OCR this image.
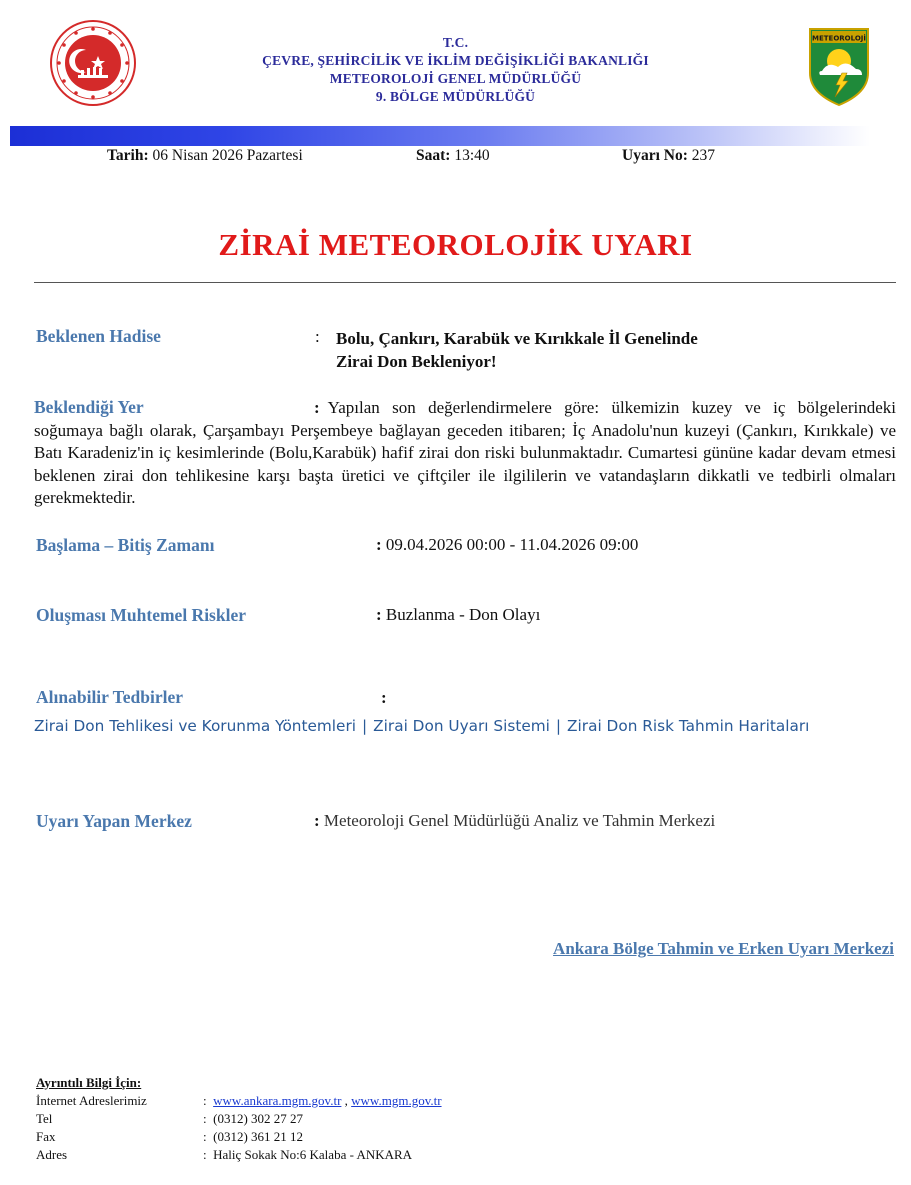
T.C.
ÇEVRE, ŞEHİRCİLİK VE İKLİM DEĞİŞİKLİĞİ BAKANLIĞI
METEOROLOJİ GENEL MÜDÜRLÜĞÜ
9. BÖLGE MÜDÜRLÜĞÜ
METEOROLOJİ
Tarih: 06 Nisan 2026 Pazartesi	Saat: 13:40	Uyarı No: 237
ZİRAİ METEOROLOJİK UYARI
Beklenen Hadise	: Bolu, Çankırı, Karabük ve Kırıkkale İl Genelinde
Zirai Don Bekleniyor!
Beklendiği Yer	: Yapılan son değerlendirmelere göre: ülkemizin kuzey ve iç bölgelerindeki soğumaya bağlı olarak, Çarşambayı Perşembeye bağlayan geceden itibaren; İç Anadolu'nun kuzeyi (Çankırı, Kırıkkale) ve Batı Karadeniz'in iç kesimlerinde (Bolu,Karabük) hafif zirai don riski bulunmaktadır. Cumartesi gününe kadar devam etmesi beklenen zirai don tehlikesine karşı başta üretici ve çiftçiler ile ilgililerin ve vatandaşların dikkatli ve tedbirli olmaları gerekmektedir.
Başlama – Bitiş Zamanı	: 09.04.2026 00:00 - 11.04.2026 09:00
Oluşması Muhtemel Riskler	: Buzlanma - Don Olayı
Alınabilir Tedbirler	:
Zirai Don Tehlikesi ve Korunma Yöntemleri | Zirai Don Uyarı Sistemi | Zirai Don Risk Tahmin Haritaları
Uyarı Yapan Merkez	: Meteoroloji Genel Müdürlüğü Analiz ve Tahmin Merkezi
Ankara Bölge Tahmin ve Erken Uyarı Merkezi
Ayrıntılı Bilgi İçin:
İnternet Adreslerimiz	:  www.ankara.mgm.gov.tr , www.mgm.gov.tr
Tel	:  (0312) 302 27 27
Fax	:  (0312) 361 21 12
Adres	:  Haliç Sokak No:6 Kalaba - ANKARA
